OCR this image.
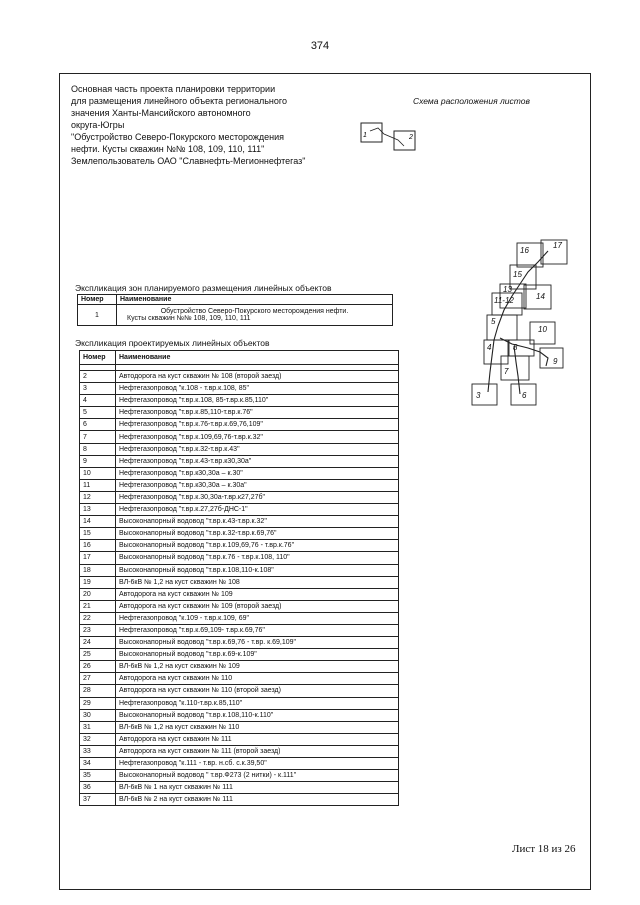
374
Основная часть проекта планировки территории
для размещения линейного объекта регионального
значения Ханты-Мансийского автономного
округа-Югры
"Обустройство Северо-Покурского месторождения
нефти. Кусты скважин №№ 108, 109, 110, 111"
Землепользователь ОАО "Славнефть-Мегионнефтегаз"
Схема расположения листов
1	2
16
17
15
13
11-12	14
5
10
4	8
9
7
3	6
Экспликация зон планируемого размещения линейных объектов
Номер	Наименование
1	Обустройство Северо-Покурского месторождения нефти.
Кусты скважин №№ 108, 109, 110, 111
Экспликация проектируемых линейных объектов
Номер	Наименование

2	Автодорога на куст скважин № 108 (второй заезд)
3	Нефтегазопровод "к.108 - т.вр.к.108, 85"
4	Нефтегазопровод "т.вр.к.108, 85-т.вр.к.85,110"
5	Нефтегазопровод "т.вр.к.85,110-т.вр.к.76"
6	Нефтегазопровод "т.вр.к.76-т.вр.к.69,76,109"
7	Нефтегазопровод "т.вр.к.109,69,76-т.вр.к.32"
8	Нефтегазопровод "т.вр.к.32-т.вр.к.43"
9	Нефтегазопровод "т.вр.к.43-т.вр.к30,30а"
10	Нефтегазопровод "т.вр.к30,30а – к.30"
11	Нефтегазопровод "т.вр.к30,30а – к.30а"
12	Нефтегазопровод "т.вр.к.30,30а-т.вр.к27,27б"
13	Нефтегазопровод "т.вр.к.27,27б-ДНС-1"
14	Высоконапорный водовод "т.вр.к.43-т.вр.к.32"
15	Высоконапорный водовод "т.вр.к.32-т.вр.к.69,76"
16	Высоконапорный водовод "т.вр.к.109,69,76 - т.вр.к.76"
17	Высоконапорный водовод "т.вр.к.76 - т.вр.к.108, 110"
18	Высоконапорный водовод "т.вр.к.108,110-к.108"
19	ВЛ-6кВ № 1,2 на куст скважин № 108
20	Автодорога на куст скважин № 109
21	Автодорога на куст скважин № 109 (второй заезд)
22	Нефтегазопровод "к.109 - т.вр.к.109, 69"
23	Нефтегазопровод "т.вр.к.69,109- т.вр.к.69,76"
24	Высоконапорный водовод "т.вр.к.69,76 - т.вр. к.69,109"
25	Высоконапорный водовод "т.вр.к.69-к.109"
26	ВЛ-6кВ № 1,2 на куст скважин № 109
27	Автодорога на куст скважин № 110
28	Автодорога на куст скважин № 110 (второй заезд)
29	Нефтегазопровод "к.110-т.вр.к.85,110"
30	Высоконапорный водовод "т.вр.к.108,110-к.110"
31	ВЛ-6кВ № 1,2 на куст скважин № 110
32	Автодорога на куст скважин № 111
33	Автодорога на куст скважин № 111 (второй заезд)
34	Нефтегазопровод "к.111 - т.вр. н.сб. с.к.39,50"
35	Высоконапорный водовод " т.вр.Ф273 (2 нитки) - к.111"
36	ВЛ-6кВ № 1 на куст скважин № 111
37	ВЛ-6кВ № 2 на куст скважин № 111
Лист 18 из 26
